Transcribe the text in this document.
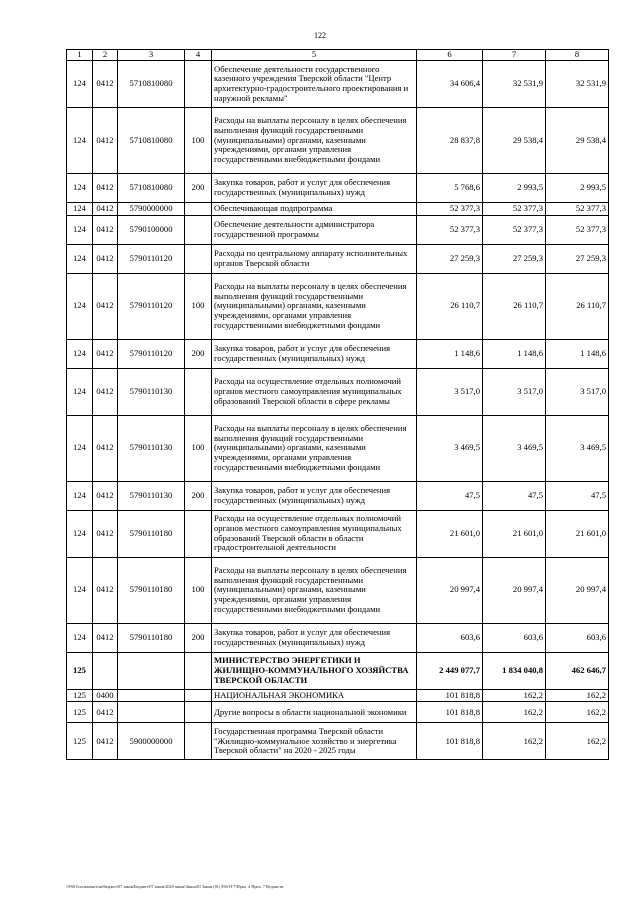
122
1	2	3	4	5	6	7	8
124	0412	5710810080		Обеспечение деятельности государственного казенного учреждения Тверской области "Центр архитектурно-градостроительного проектирования и наружной рекламы"	34 606,4	32 531,9	32 531,9
124	0412	5710810080	100	Расходы на выплаты персоналу в целях обеспечения выполнения функций государственными (муниципальными) органами, казенными учреждениями, органами управления государственными внебюджетными фондами	28 837,8	29 538,4	29 538,4
124	0412	5710810080	200	Закупка товаров, работ и услуг для обеспечения государственных (муниципальных) нужд	5 768,6	2 993,5	2 993,5
124	0412	5790000000		Обеспечивающая подпрограмма	52 377,3	52 377,3	52 377,3
124	0412	5790100000		Обеспечение деятельности администратора государственной программы	52 377,3	52 377,3	52 377,3
124	0412	5790110120		Расходы по центральному аппарату исполнительных органов Тверской области	27 259,3	27 259,3	27 259,3
124	0412	5790110120	100	Расходы на выплаты персоналу в целях обеспечения выполнения функций государственными (муниципальными) органами, казенными учреждениями, органами управления государственными внебюджетными фондами	26 110,7	26 110,7	26 110,7
124	0412	5790110120	200	Закупка товаров, работ и услуг для обеспечения государственных (муниципальных) нужд	1 148,6	1 148,6	1 148,6
124	0412	5790110130		Расходы на осуществление отдельных полномочий органов местного самоуправления муниципальных образований Тверской области в сфере рекламы	3 517,0	3 517,0	3 517,0
124	0412	5790110130	100	Расходы на выплаты персоналу в целях обеспечения выполнения функций государственными (муниципальными) органами, казенными учреждениями, органами управления государственными внебюджетными фондами	3 469,5	3 469,5	3 469,5
124	0412	5790110130	200	Закупка товаров, работ и услуг для обеспечения государственных (муниципальных) нужд	47,5	47,5	47,5
124	0412	5790110180		Расходы на осуществление отдельных полномочий органов местного самоуправления муниципальных образований Тверской области в области градостроительной деятельности	21 601,0	21 601,0	21 601,0
124	0412	5790110180	100	Расходы на выплаты персоналу в целях обеспечения выполнения функций государственными (муниципальными) органами, казенными учреждениями, органами управления государственными внебюджетными фондами	20 997,4	20 997,4	20 997,4
124	0412	5790110180	200	Закупка товаров, работ и услуг для обеспечения государственных (муниципальных) нужд	603,6	603,6	603,6
125				МИНИСТЕРСТВО ЭНЕРГЕТИКИ И ЖИЛИЩНО-КОММУНАЛЬНОГО ХОЗЯЙСТВА ТВЕРСКОЙ ОБЛАСТИ	2 449 077,7	1 834 040,8	462 646,7
125	0400			НАЦИОНАЛЬНАЯ ЭКОНОМИКА	101 818,8	162,2	162,2
125	0412			Другие вопросы в области национальной экономики	101 818,8	162,2	162,2
125	0412	5900000000		Государственная программа Тверской области "Жилищно-коммунальное хозяйство и энергетика Тверской области" на 2020 - 2025 годы	101 818,8	162,2	162,2
\\FS01\пользователи\бюджет\07 закон\Бюджет\07 закон\2020 закон\Закон\01 Закон (01) 956-П-7\Прил. 4 Прил. 7 Ведомств.
